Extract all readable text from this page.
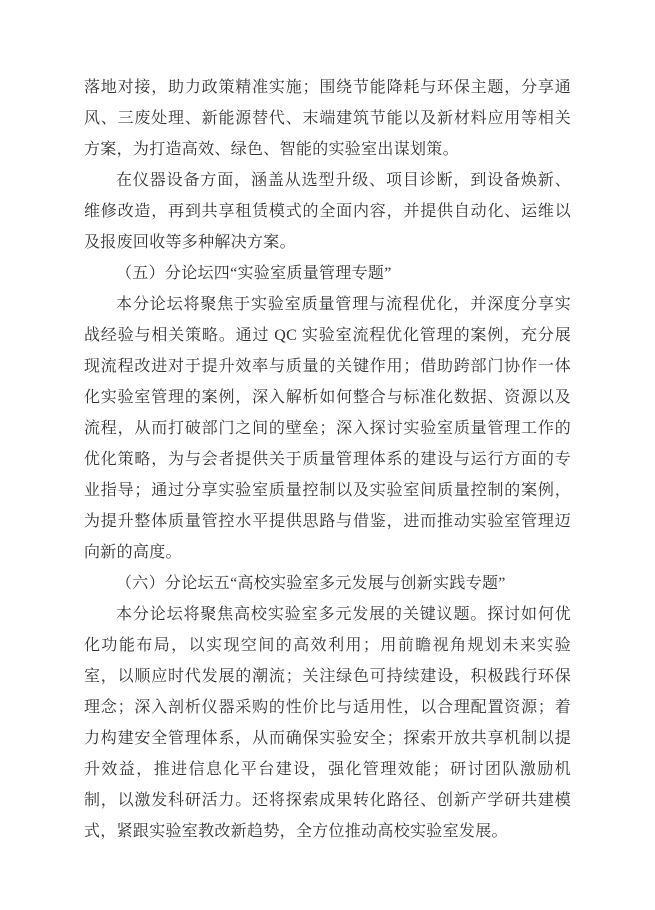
落地对接，助力政策精准实施；围绕节能降耗与环保主题，分享通风、三废处理、新能源替代、末端建筑节能以及新材料应用等相关方案，为打造高效、绿色、智能的实验室出谋划策。

在仪器设备方面，涵盖从选型升级、项目诊断，到设备焕新、维修改造，再到共享租赁模式的全面内容，并提供自动化、运维以及报废回收等多种解决方案。

（五）分论坛四“实验室质量管理专题”

本分论坛将聚焦于实验室质量管理与流程优化，并深度分享实战经验与相关策略。通过 QC 实验室流程优化管理的案例，充分展现流程改进对于提升效率与质量的关键作用；借助跨部门协作一体化实验室管理的案例，深入解析如何整合与标准化数据、资源以及流程，从而打破部门之间的壁垒；深入探讨实验室质量管理工作的优化策略，为与会者提供关于质量管理体系的建设与运行方面的专业指导；通过分享实验室质量控制以及实验室间质量控制的案例，为提升整体质量管控水平提供思路与借鉴，进而推动实验室管理迈向新的高度。

（六）分论坛五“高校实验室多元发展与创新实践专题”

本分论坛将聚焦高校实验室多元发展的关键议题。探讨如何优化功能布局，以实现空间的高效利用；用前瞻视角规划未来实验室，以顺应时代发展的潮流；关注绿色可持续建设，积极践行环保理念；深入剖析仪器采购的性价比与适用性，以合理配置资源；着力构建安全管理体系，从而确保实验安全；探索开放共享机制以提升效益，推进信息化平台建设，强化管理效能；研讨团队激励机制，以激发科研活力。还将探索成果转化路径、创新产学研共建模式，紧跟实验室教改新趋势，全方位推动高校实验室发展。
